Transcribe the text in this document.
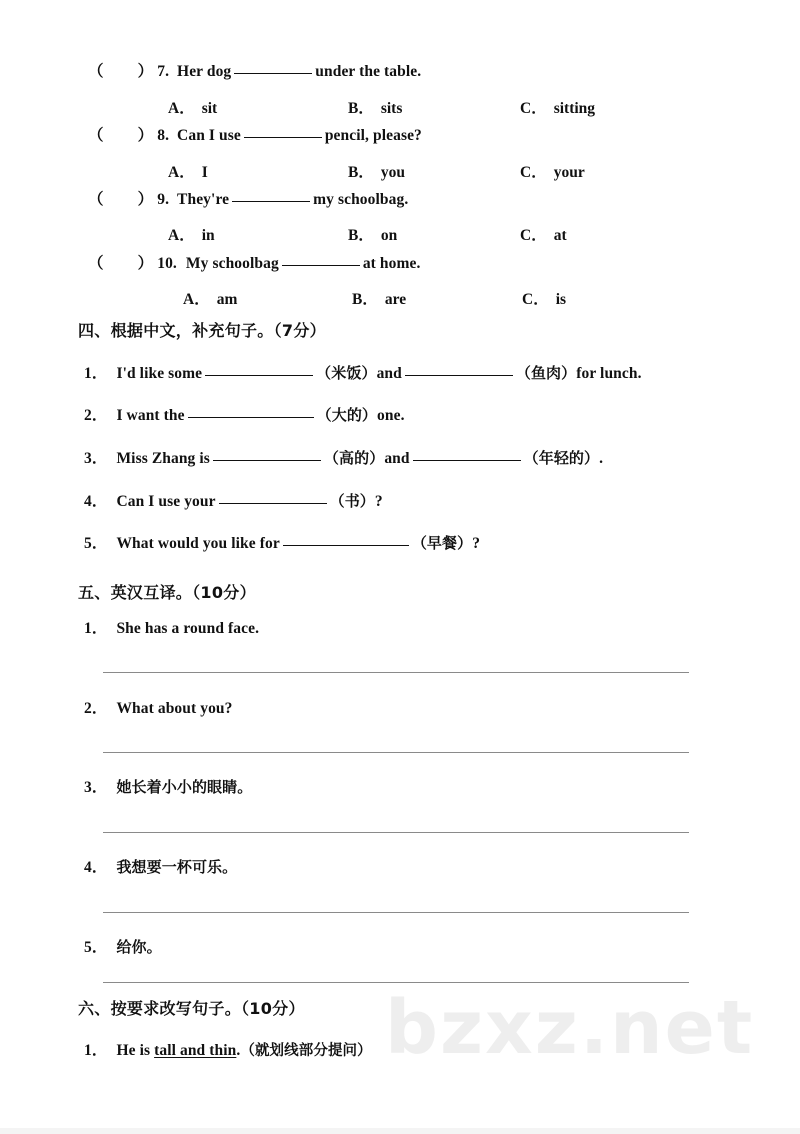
bzxz.net
（ ） 7. Her dog	under the table.
A． sit	B． sits	C． sitting
（ ） 8. Can I use	pencil, please?
A． I	B． you	C． your
（ ） 9. They're	my schoolbag.
A． in	B． on	C． at
（ ） 10. My schoolbag	at home.
A． am	B． are	C． is
四、根据中文，补充句子。（7分）
1． I'd like some	（米饭）and	（鱼肉）for lunch.
2． I want the	（大的）one.
3． Miss Zhang is	（高的）and	（年轻的）.
4． Can I use your	（书）?
5． What would you like for	（早餐）?
五、英汉互译。（10分）
1． She has a round face.
2． What about you?
3． 她长着小小的眼睛。
4． 我想要一杯可乐。
5． 给你。
六、按要求改写句子。（10分）
1． He is tall and thin.（就划线部分提问）
